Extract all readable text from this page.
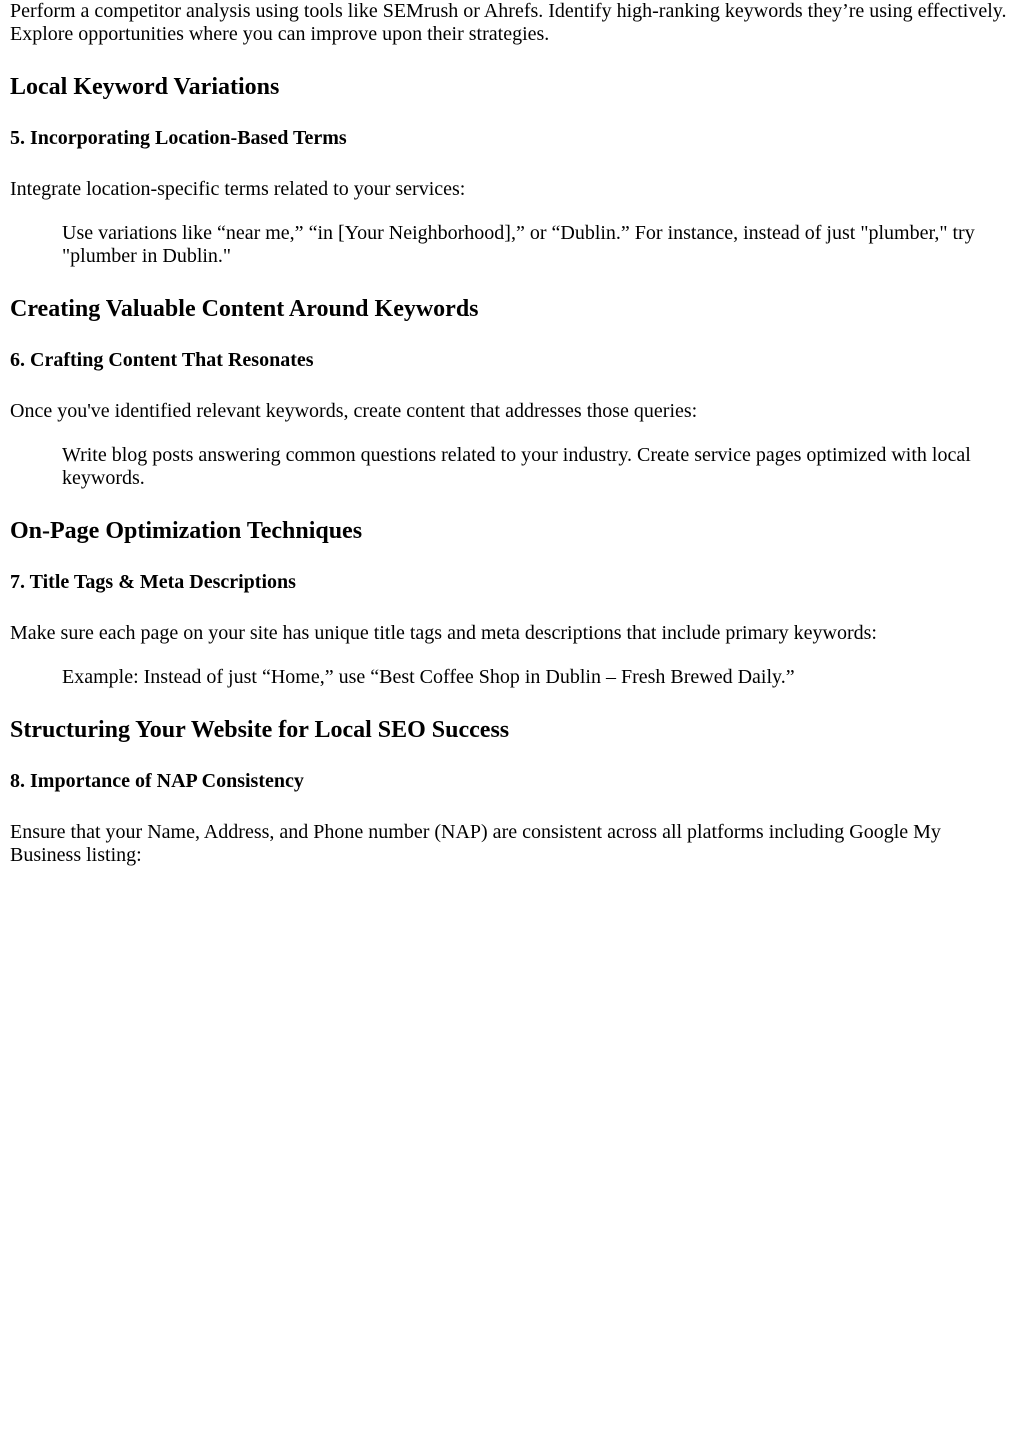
Perform a competitor analysis using tools like SEMrush or Ahrefs. Identify high-ranking keywords they’re using effectively. Explore opportunities where you can improve upon their strategies.

Local Keyword Variations
5. Incorporating Location-Based Terms

Integrate location-specific terms related to your services:

Use variations like “near me,” “in [Your Neighborhood],” or “Dublin.” For instance, instead of just "plumber," try "plumber in Dublin."
Creating Valuable Content Around Keywords
6. Crafting Content That Resonates

Once you've identified relevant keywords, create content that addresses those queries:

Write blog posts answering common questions related to your industry. Create service pages optimized with local keywords.
On-Page Optimization Techniques
7. Title Tags & Meta Descriptions

Make sure each page on your site has unique title tags and meta descriptions that include primary keywords:

Example: Instead of just “Home,” use “Best Coffee Shop in Dublin – Fresh Brewed Daily.”
Structuring Your Website for Local SEO Success
8. Importance of NAP Consistency

Ensure that your Name, Address, and Phone number (NAP) are consistent across all platforms including Google My Business listing:
